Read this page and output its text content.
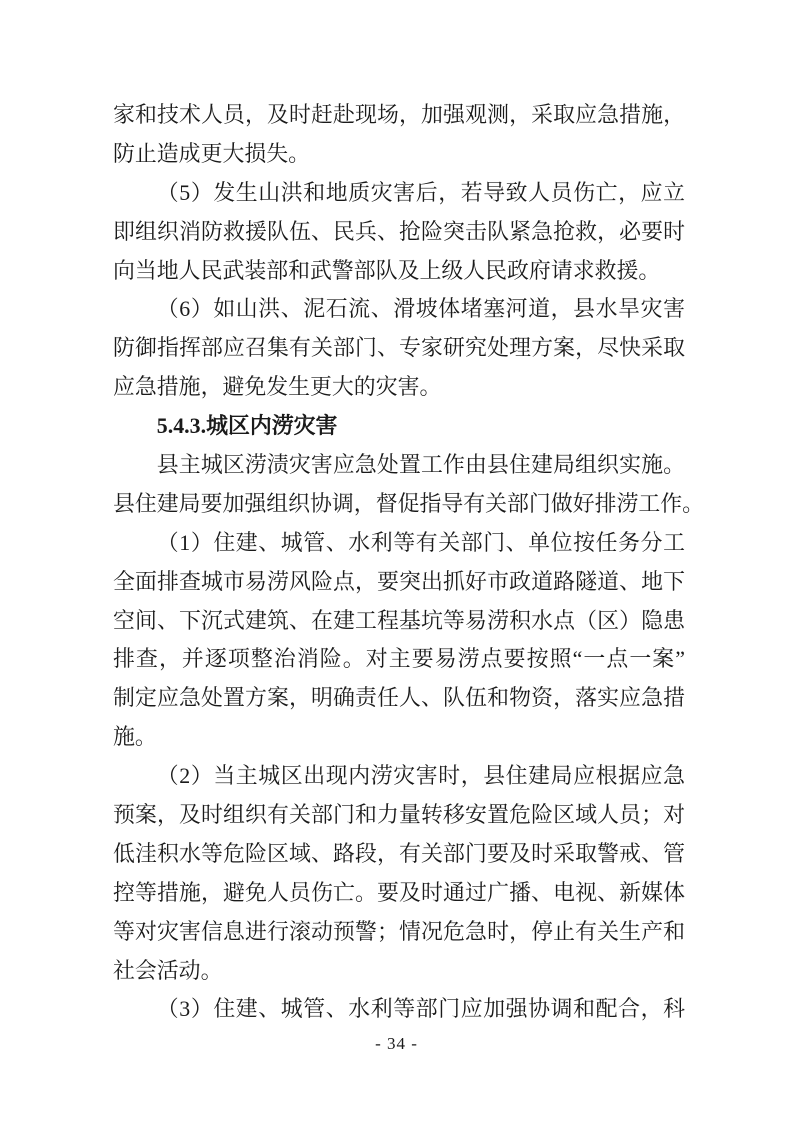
家和技术人员，及时赶赴现场，加强观测，采取应急措施，
防止造成更大损失。
（5）发生山洪和地质灾害后，若导致人员伤亡，应立
即组织消防救援队伍、民兵、抢险突击队紧急抢救，必要时
向当地人民武装部和武警部队及上级人民政府请求救援。
（6）如山洪、泥石流、滑坡体堵塞河道，县水旱灾害
防御指挥部应召集有关部门、专家研究处理方案，尽快采取
应急措施，避免发生更大的灾害。
5.4.3.城区内涝灾害
县主城区涝渍灾害应急处置工作由县住建局组织实施。
县住建局要加强组织协调，督促指导有关部门做好排涝工作。
（1）住建、城管、水利等有关部门、单位按任务分工
全面排查城市易涝风险点，要突出抓好市政道路隧道、地下
空间、下沉式建筑、在建工程基坑等易涝积水点（区）隐患
排查，并逐项整治消险。对主要易涝点要按照“一点一案”
制定应急处置方案，明确责任人、队伍和物资，落实应急措
施。
（2）当主城区出现内涝灾害时，县住建局应根据应急
预案，及时组织有关部门和力量转移安置危险区域人员；对
低洼积水等危险区域、路段，有关部门要及时采取警戒、管
控等措施，避免人员伤亡。要及时通过广播、电视、新媒体
等对灾害信息进行滚动预警；情况危急时，停止有关生产和
社会活动。
（3）住建、城管、水利等部门应加强协调和配合，科
- 34 -
